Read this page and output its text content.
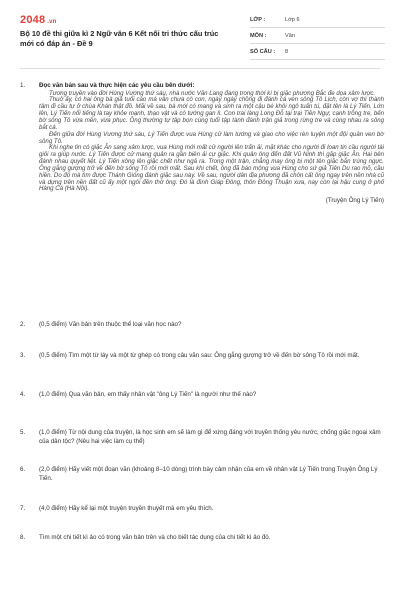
2048 .vn
Bộ 10 đề thi giữa kì 2 Ngữ văn 6 Kết nối tri thức cấu trúc mới có đáp án - Đề 9
LỚP :	Lớp 6
MÔN :	Văn
SỐ CÂU :	8
1.	Đọc văn bản sau và thực hiện các yêu cầu bên dưới:

Tương truyền vào đời Hùng Vương thứ sáu, nhà nước Văn Lang đang trong thời kì bị giặc phương Bắc đe dọa xâm lược.

Thuở ấy, có hai ông bà già tuổi cao mà vẫn chưa có con, ngày ngày chồng đi đánh cá ven sông Tô Lịch, còn vợ thì thành tâm đi cầu tự ở chùa Khán thật đồ. Mãi về sau, bà mới có mang và sinh ra một cậu bé khôi ngô tuấn tú, đặt tên là Lý Tiến. Lớn lên, Lý Tiến nổi tiếng là tay khỏe mạnh, thạo vật và có tướng gan lì. Con trai làng Long Đỗ tại trại Tiền Ngự, cạnh trồng tre, bến bờ sông Tô vừa mền, vừa phục. Ông thường tự tập bọn cùng tuổi tập tành đánh trận giả trong rừng tre và cùng nhau ra sông bắt cá.

Đến giữa đời Hùng Vương thứ sáu, Lý Tiến được vua Hùng cử làm tướng và giao cho việc rèn luyện một đội quân ven bờ sông Tô.

Khi nghe tin có giặc Ân sang xâm lược, vua Hùng mới mất cử người lên trấn ải, mặt khác cho người đi loan tin cầu người tài giỏi ra giúp nước. Lý Tiến được cử mang quân ra gần biên ải cự giặc. Khi quân ông đến đất Vũ Ninh thì gặp giặc Ân. Hai bên đánh nhau quyết liệt. Lý Tiến xông lên giặc chết như ngả ra. Trong một trận, chẳng may ông bị một tên giặc bắn trúng ngực. Ông gắng gượng trở về đến bờ sông Tô rồi mới mất. Sau khi chết, ông đã báo mộng vua Hùng cho sứ giả Tiên Du rao mõ, cầu hiền. Do đó mà tìm được Thánh Gióng đánh giặc sau này. Về sau, người dân địa phương đã chôn cất ông ngay trên nền nhà cũ và dựng trên nền đất cũ ấy một ngôi đền thờ ông. Đó là đình Giáp Đông, thôn Đông Thuận xưa, nay còn lại hậu cung ở phố Hàng Cá (Hà Nội).

(Truyện Ông Lý Tiến)
2.	(0,5 điểm) Văn bản trên thuộc thể loại văn học nào?
3.	(0,5 điểm) Tìm một từ láy và một từ ghép có trong câu văn sau: Ông gắng gượng trở về đến bờ sông Tô rồi mới mất.
4.	(1,0 điểm) Qua văn bản, em thấy nhân vật "ông Lý Tiến" là người như thế nào?
5.	(1,0 điểm) Từ nội dung của truyện, là học sinh em sẽ làm gì để xứng đáng với truyền thống yêu nước, chống giặc ngoại xâm của dân tộc? (Nêu hai việc làm cụ thể)
6.	(2,0 điểm) Hãy viết một đoạn văn (khoảng 8–10 dòng) trình bày cảm nhận của em về nhân vật Lý Tiến trong Truyện Ông Lý Tiến.
7.	(4,0 điểm) Hãy kể lại một truyện truyền thuyết mà em yêu thích.
8.	Tìm một chi tiết kì ảo có trong văn bản trên và cho biết tác dụng của chi tiết kì ảo đó.
